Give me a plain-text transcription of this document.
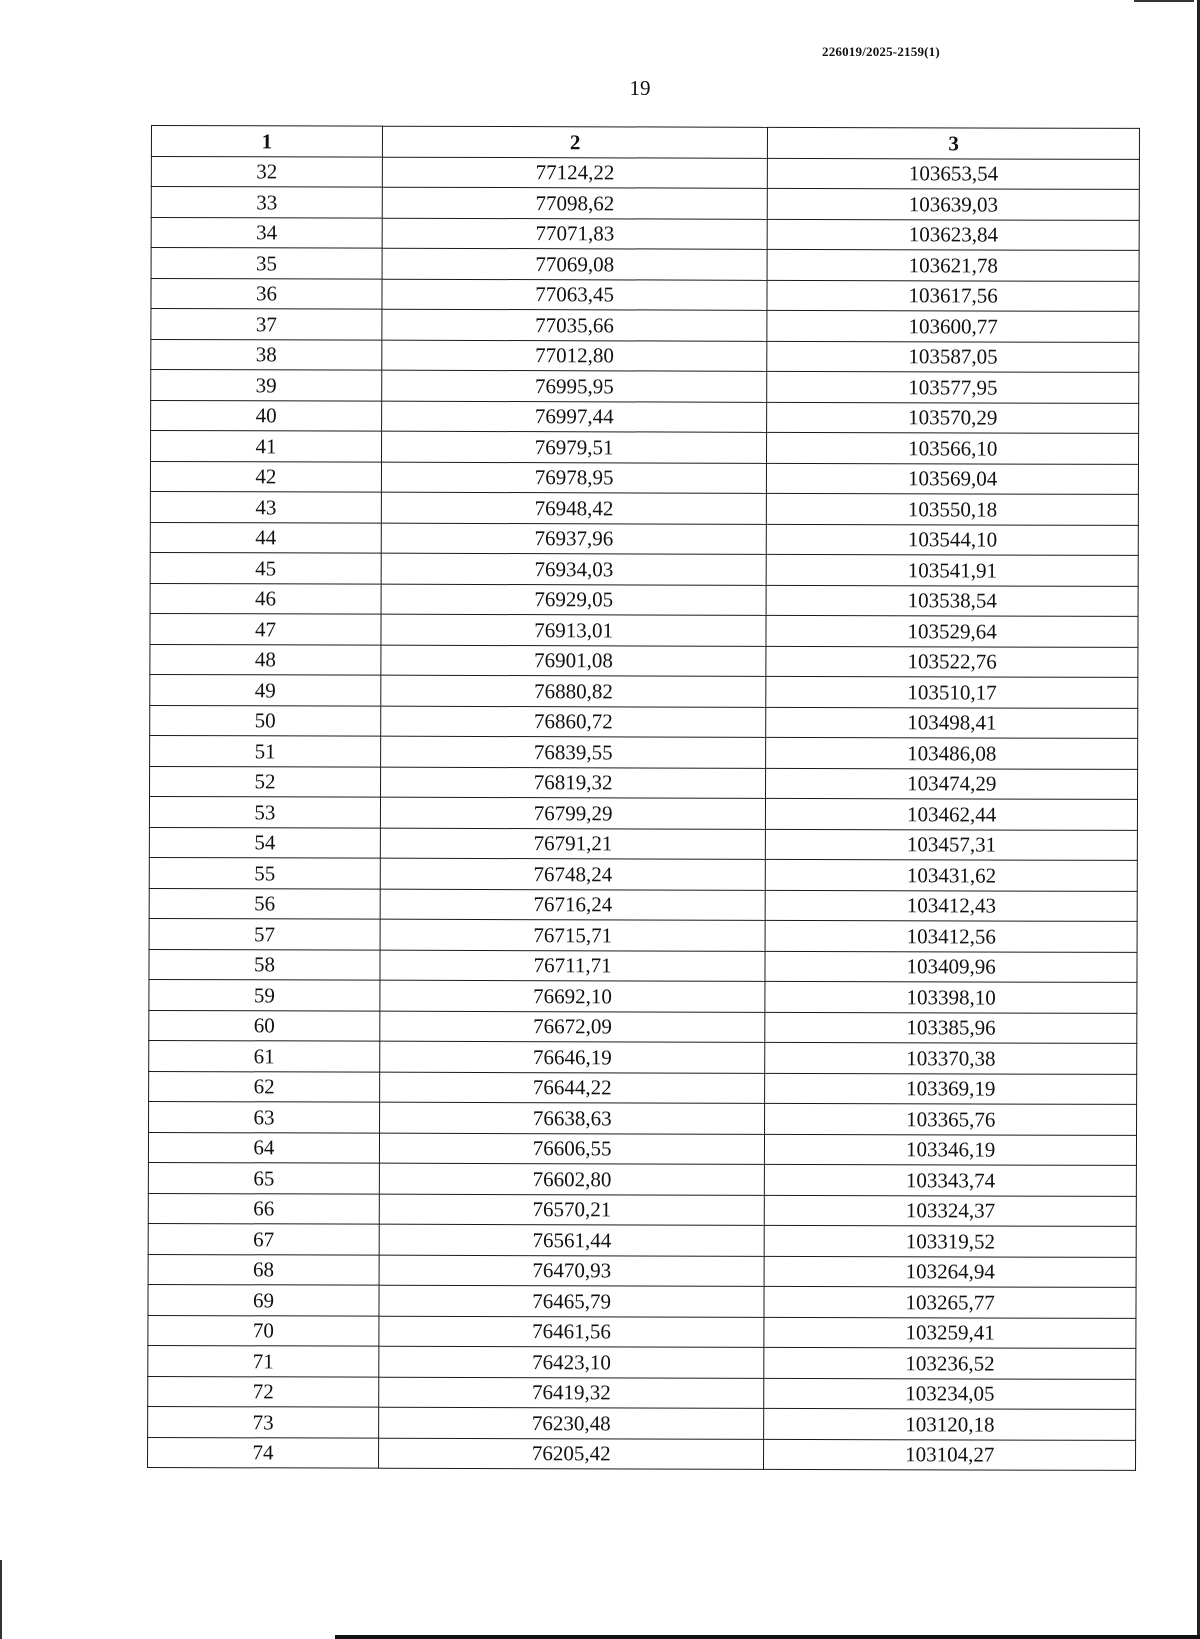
226019/2025-2159(1)
19
1	2	3
32	77124,22	103653,54
33	77098,62	103639,03
34	77071,83	103623,84
35	77069,08	103621,78
36	77063,45	103617,56
37	77035,66	103600,77
38	77012,80	103587,05
39	76995,95	103577,95
40	76997,44	103570,29
41	76979,51	103566,10
42	76978,95	103569,04
43	76948,42	103550,18
44	76937,96	103544,10
45	76934,03	103541,91
46	76929,05	103538,54
47	76913,01	103529,64
48	76901,08	103522,76
49	76880,82	103510,17
50	76860,72	103498,41
51	76839,55	103486,08
52	76819,32	103474,29
53	76799,29	103462,44
54	76791,21	103457,31
55	76748,24	103431,62
56	76716,24	103412,43
57	76715,71	103412,56
58	76711,71	103409,96
59	76692,10	103398,10
60	76672,09	103385,96
61	76646,19	103370,38
62	76644,22	103369,19
63	76638,63	103365,76
64	76606,55	103346,19
65	76602,80	103343,74
66	76570,21	103324,37
67	76561,44	103319,52
68	76470,93	103264,94
69	76465,79	103265,77
70	76461,56	103259,41
71	76423,10	103236,52
72	76419,32	103234,05
73	76230,48	103120,18
74	76205,42	103104,27
